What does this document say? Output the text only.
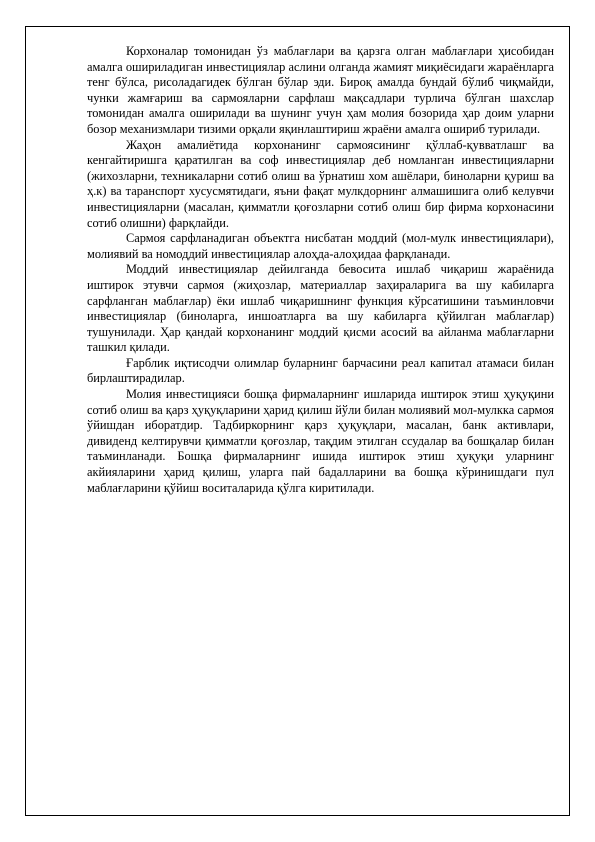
Корхоналар томонидан ўз маблағлари ва қарзга олган маблағлари ҳисобидан амалга ошириладиган инвестициялар аслини олганда жамият миқиёсидаги жараёнларга тенг бўлса, рисоладагидек бўлган бўлар эди. Бироқ амалда бундай бўлиб чиқмайди, чунки жамғариш ва сармояларни сарфлаш мақсадлари турлича бўлган шахслар томонидан амалга оширилади ва шунинг учун ҳам молия бозорида ҳар доим уларни бозор механизмлари тизими орқали яқинлаштириш жраёни амалга ошириб турилади.

Жаҳон амалиётида корхонанинг сармоясининг қўллаб-қувватлашг ва кенгайтиришга қаратилган ва соф инвестициялар деб номланган инвестицияларни (жихозларни, техникаларни сотиб олиш ва ўрнатиш хом ашёлари, биноларни қуриш ва ҳ.к) ва таранспорт хусусмятидаги, яъни фақат мулкдорнинг алмашишига олиб келувчи инвестицияларни (масалан, қимматли қоғозларни сотиб олиш бир фирма корхонасини сотиб олишни) фарқлайди.

Сармоя сарфланадиган объектга нисбатан моддий (мол-мулк инвестициялари), молиявий ва номоддий инвестициялар алоҳда-алоҳидаа фарқланади.

Моддий инвестициялар дейилганда бевосита ишлаб чиқариш жараёнида иштирок этувчи сармоя (жиҳозлар, материаллар заҳираларига ва шу кабиларга сарфланган маблағлар) ёки ишлаб чиқаришнинг функция кўрсатишини таъминловчи инвестициялар (биноларга, иншоатларга ва шу кабиларга қўйилган маблағлар) тушунилади. Ҳар қандай корхонанинг моддий қисми асосий ва айланма маблағларни ташкил қилади.

Ғарблик иқтисодчи олимлар буларнинг барчасини реал капитал атамаси билан бирлаштирадилар.

Молия инвестицияси бошқа фирмаларнинг ишларида иштирок этиш ҳуқуқини сотиб олиш ва қарз ҳуқуқларини ҳарид қилиш йўли билан молиявий мол-мулкка сармоя ўйишдан иборатдир. Тадбиркорнинг қарз ҳуқуқлари, масалан, банк активлари, дивиденд келтирувчи қимматли қоғозлар, тақдим этилган ссудалар ва бошқалар билан таъминланади. Бошқа фирмаларнинг ишида иштирок этиш ҳуқуқи уларнинг акйияларини ҳарид қилиш, уларга пай бадалларини ва бошқа кўринишдаги пул маблағларини қўйиш воситаларида қўлга киритилади.
